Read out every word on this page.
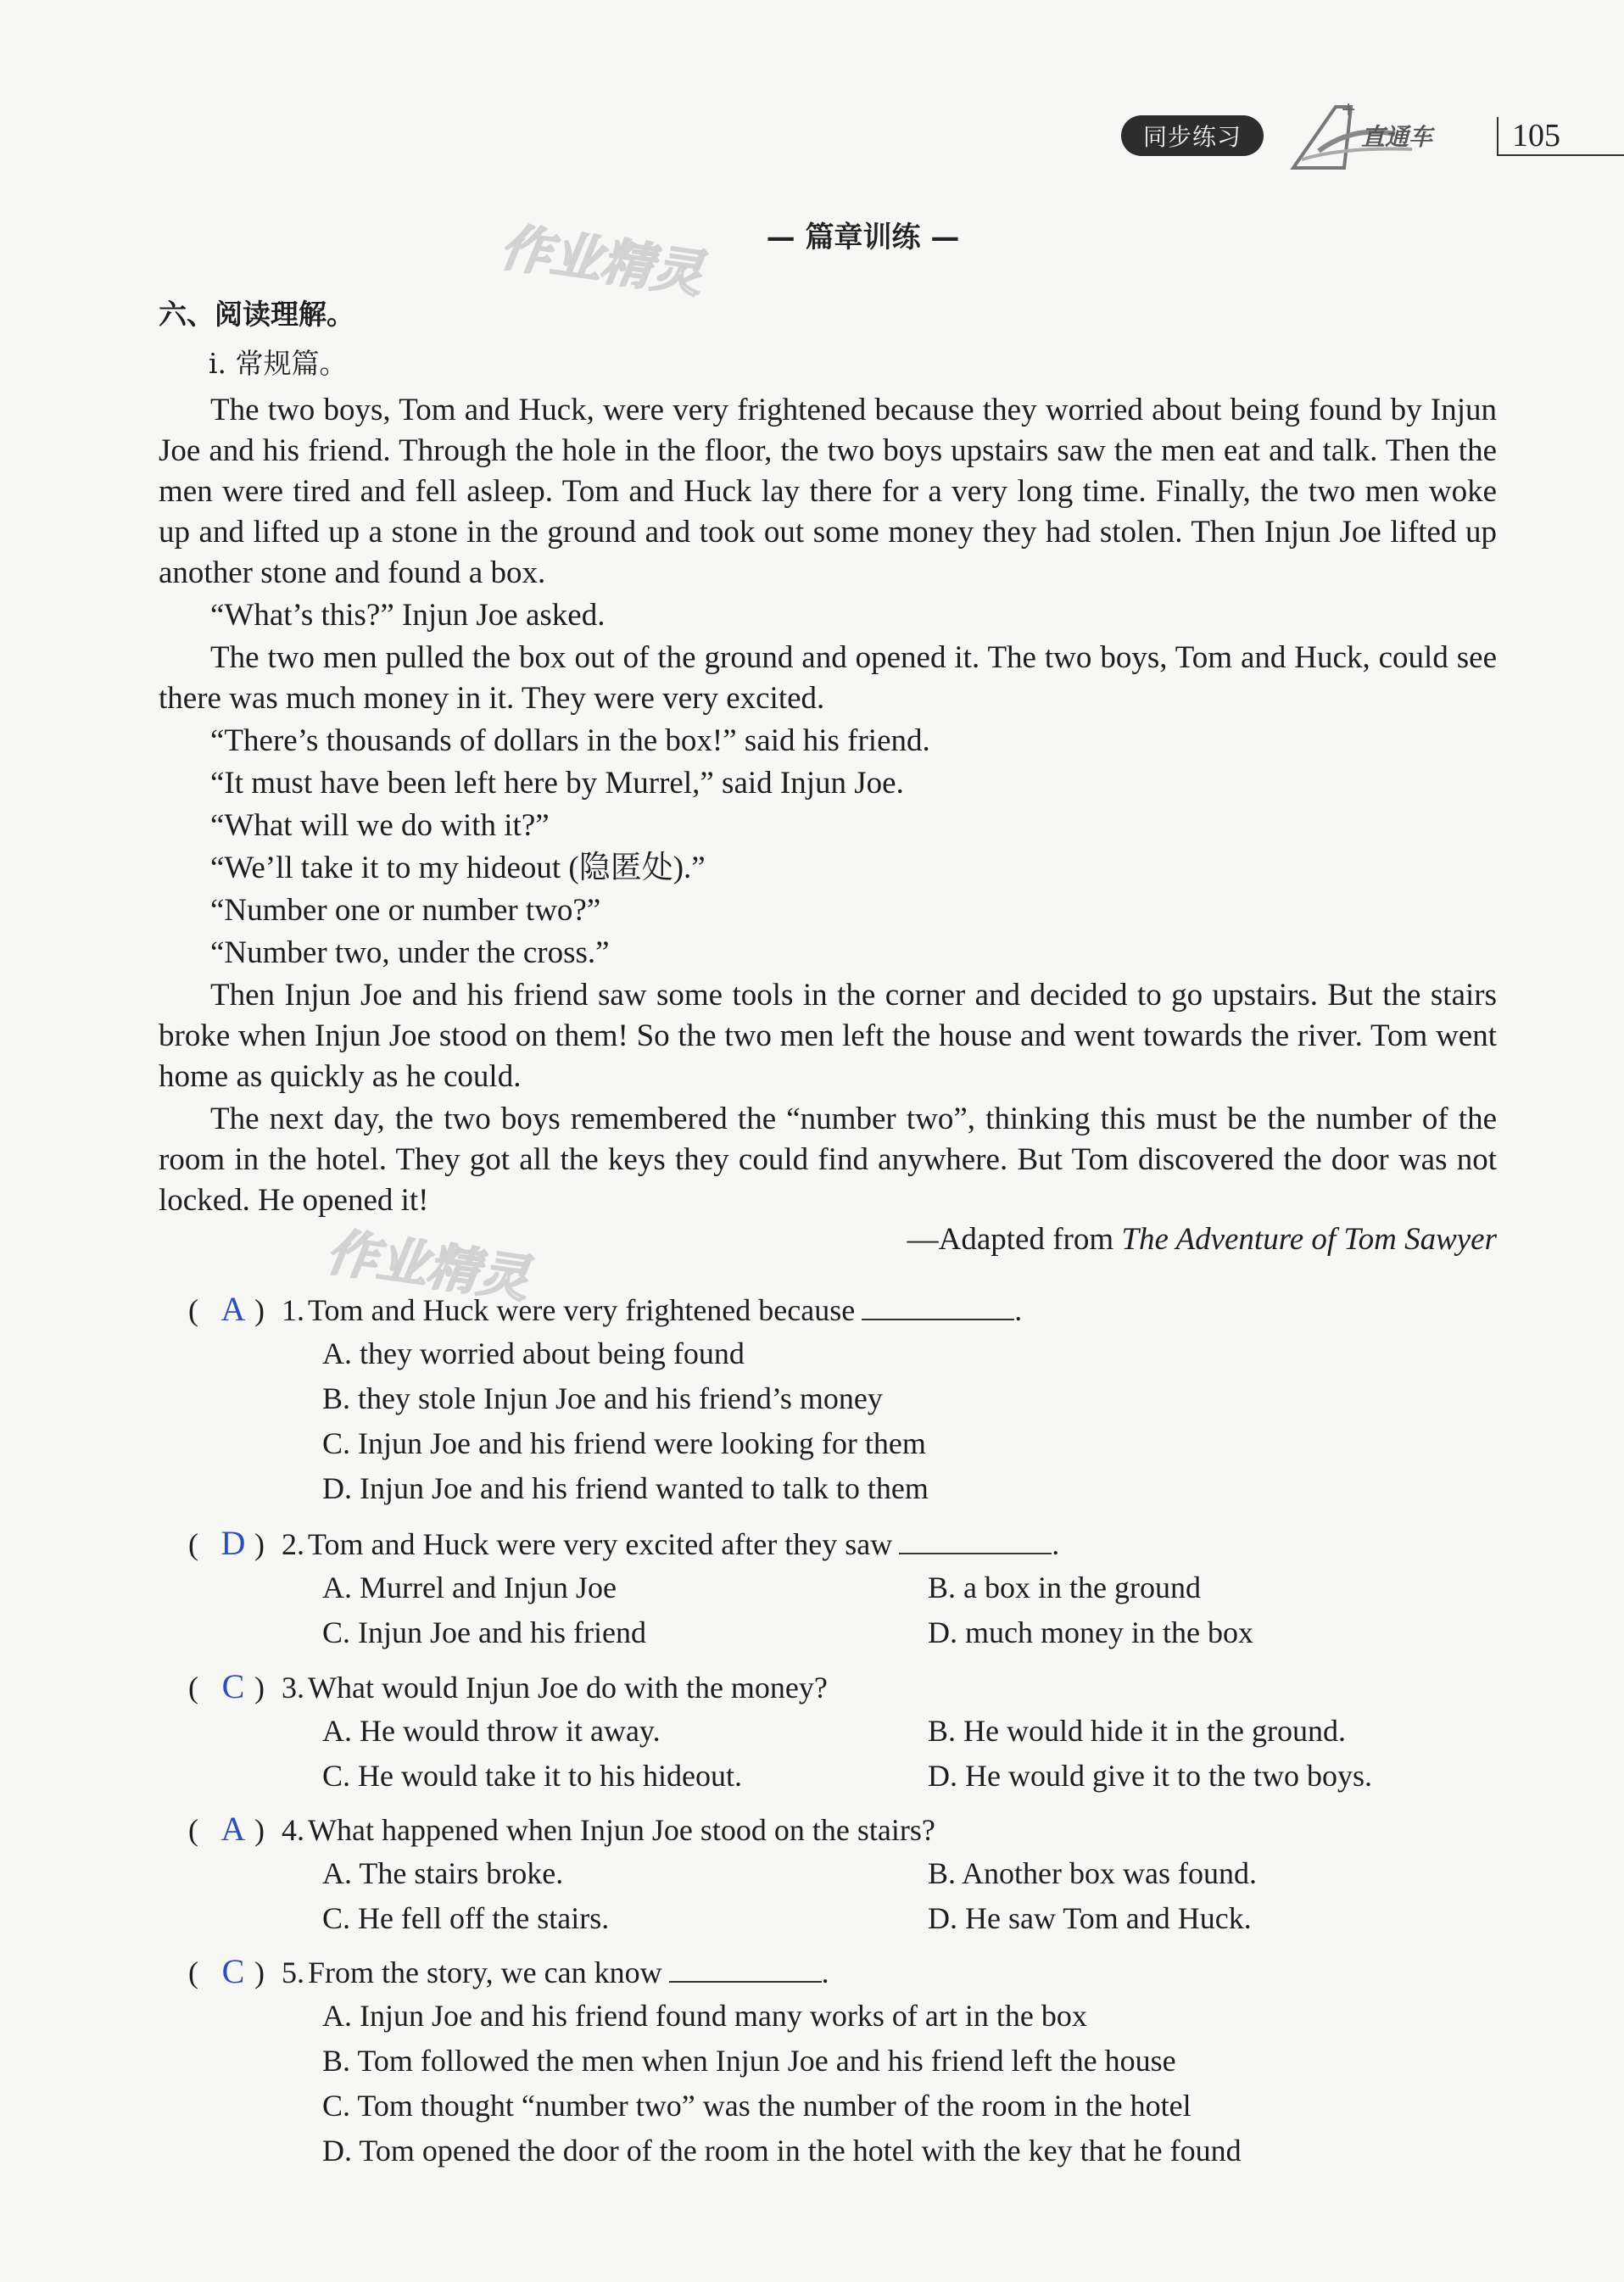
同步练习
+
直通车 105
作业精灵
作业精灵
— 篇章训练 —
六、阅读理解。
i. 常规篇。

The two boys, Tom and Huck, were very frightened because they worried about being found by Injun Joe and his friend. Through the hole in the floor, the two boys upstairs saw the men eat and talk. Then the men were tired and fell asleep. Tom and Huck lay there for a very long time. Finally, the two men woke up and lifted up a stone in the ground and took out some money they had stolen. Then Injun Joe lifted up another stone and found a box.

“What’s this?” Injun Joe asked.

The two men pulled the box out of the ground and opened it. The two boys, Tom and Huck, could see there was much money in it. They were very excited.

“There’s thousands of dollars in the box!” said his friend.

“It must have been left here by Murrel,” said Injun Joe.

“What will we do with it?”

“We’ll take it to my hideout (隐匿处).”

“Number one or number two?”

“Number two, under the cross.”

Then Injun Joe and his friend saw some tools in the corner and decided to go upstairs. But the stairs broke when Injun Joe stood on them! So the two men left the house and went towards the river. Tom went home as quickly as he could.

The next day, the two boys remembered the “number two”, thinking this must be the number of the room in the hotel. They got all the keys they could find anywhere. But Tom discovered the door was not locked. He opened it!

—Adapted from The Adventure of Tom Sawyer
( A ) 1. Tom and Huck were very frightened because	.
A. they worried about being found
B. they stole Injun Joe and his friend’s money
C. Injun Joe and his friend were looking for them
D. Injun Joe and his friend wanted to talk to them
( D ) 2. Tom and Huck were very excited after they saw	.
A. Murrel and Injun Joe	B. a box in the ground
C. Injun Joe and his friend	D. much money in the box
( C ) 3. What would Injun Joe do with the money?
A. He would throw it away.	B. He would hide it in the ground.
C. He would take it to his hideout.	D. He would give it to the two boys.
( A ) 4. What happened when Injun Joe stood on the stairs?
A. The stairs broke.	B. Another box was found.
C. He fell off the stairs.	D. He saw Tom and Huck.
( C ) 5. From the story, we can know	.
A. Injun Joe and his friend found many works of art in the box
B. Tom followed the men when Injun Joe and his friend left the house
C. Tom thought “number two” was the number of the room in the hotel
D. Tom opened the door of the room in the hotel with the key that he found
